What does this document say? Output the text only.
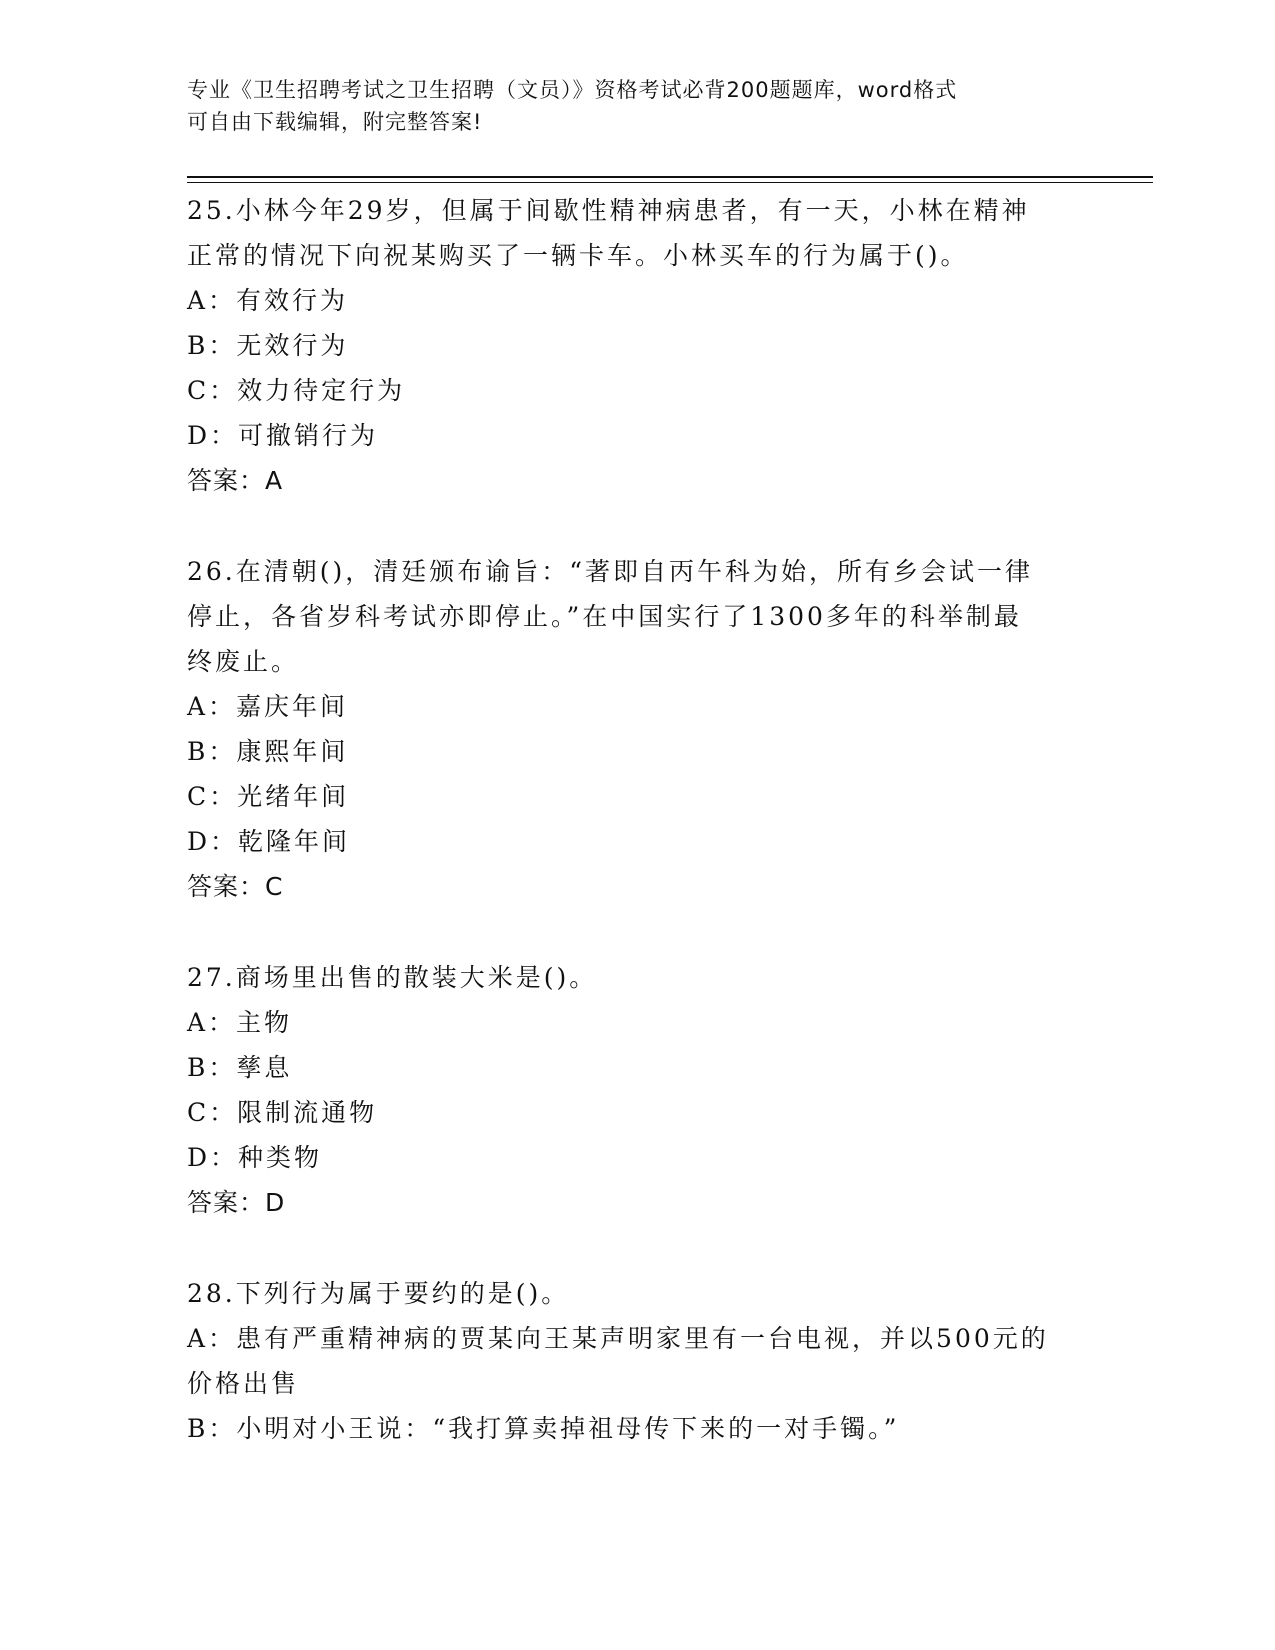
专业《卫生招聘考试之卫生招聘（文员）》资格考试必背200题题库，word格式
可自由下载编辑，附完整答案!
25.小林今年29岁，但属于间歇性精神病患者，有一天，小林在精神
正常的情况下向祝某购买了一辆卡车。小林买车的行为属于()。
A：有效行为
B：无效行为
C：效力待定行为
D：可撤销行为
答案：A
26.在清朝()，清廷颁布谕旨：“著即自丙午科为始，所有乡会试一律
停止，各省岁科考试亦即停止。”在中国实行了1300多年的科举制最
终废止。
A：嘉庆年间
B：康熙年间
C：光绪年间
D：乾隆年间
答案：C
27.商场里出售的散装大米是()。
A：主物
B：孳息
C：限制流通物
D：种类物
答案：D
28.下列行为属于要约的是()。
A：患有严重精神病的贾某向王某声明家里有一台电视，并以500元的
价格出售
B：小明对小王说：“我打算卖掉祖母传下来的一对手镯。”
